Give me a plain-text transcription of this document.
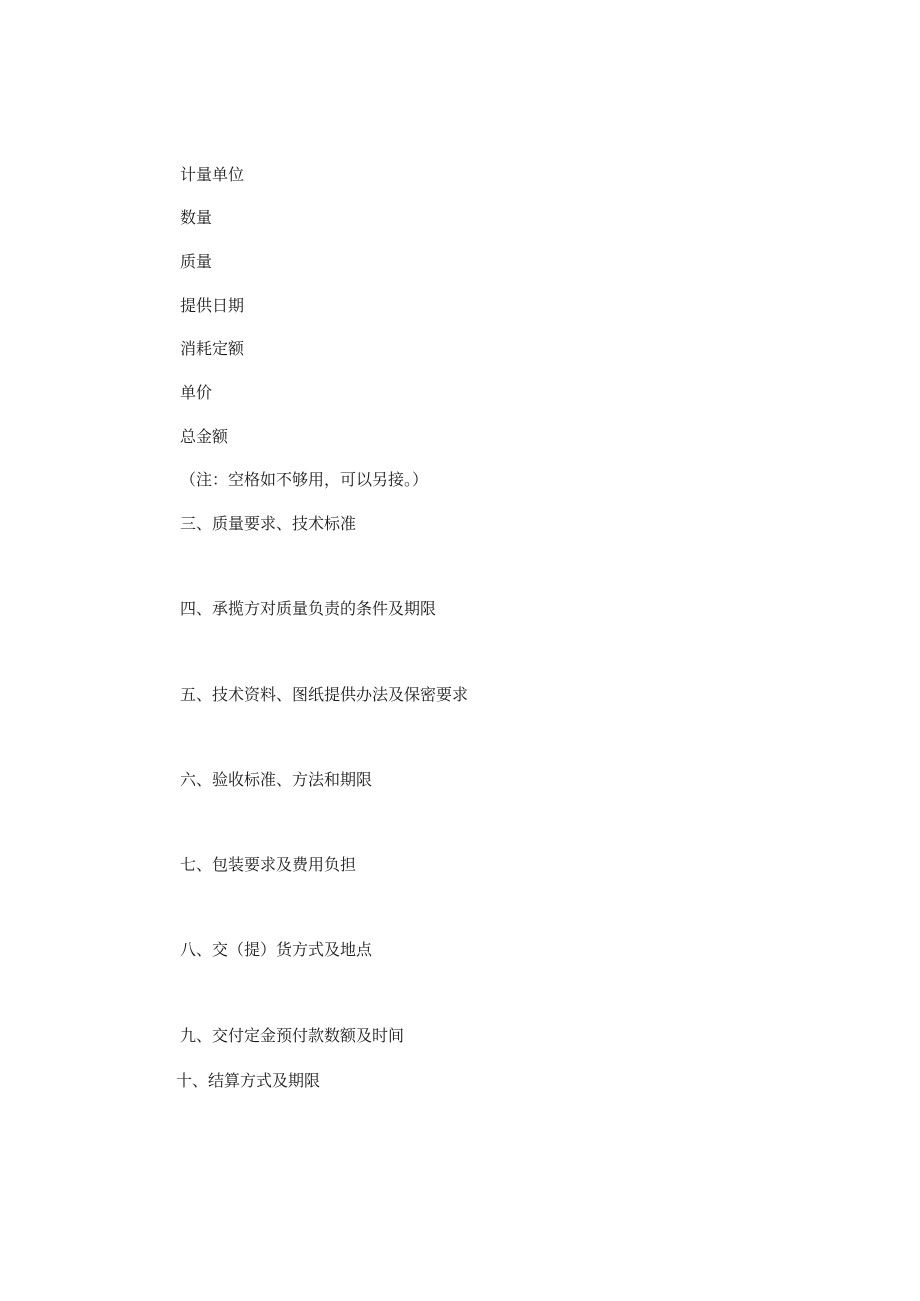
计量单位
数量
质量
提供日期
消耗定额
单价
总金额
（注：空格如不够用，可以另接。）
三、质量要求、技术标准
四、承揽方对质量负责的条件及期限
五、技术资料、图纸提供办法及保密要求
六、验收标准、方法和期限
七、包装要求及费用负担
八、交（提）货方式及地点
九、交付定金预付款数额及时间
十、结算方式及期限
